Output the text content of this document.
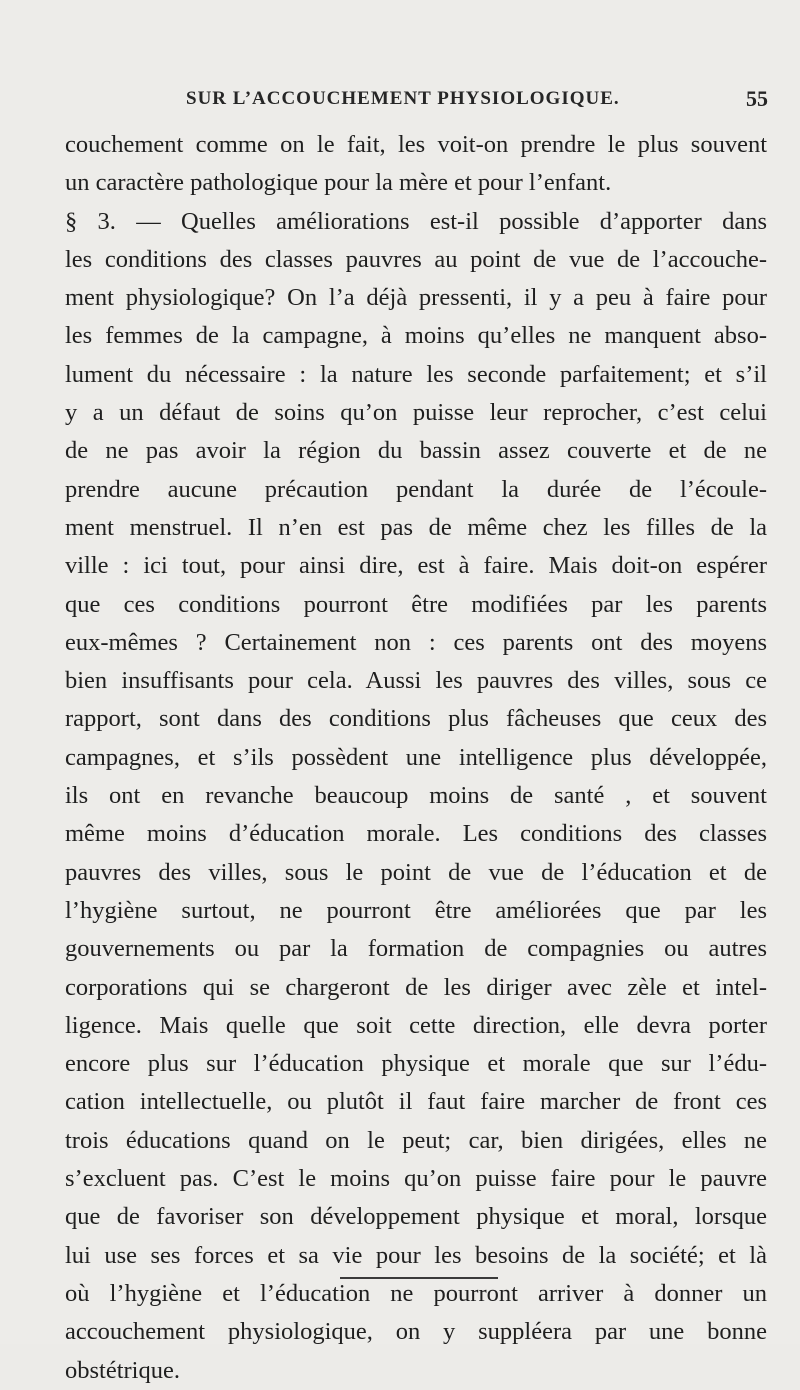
SUR L’ACCOUCHEMENT PHYSIOLOGIQUE.	55
couchement comme on le fait, les voit-on prendre le plus souvent
un caractère pathologique pour la mère et pour l’enfant.
§ 3. — Quelles améliorations est-il possible d’apporter dans
les conditions des classes pauvres au point de vue de l’accouche-
ment physiologique? On l’a déjà pressenti, il y a peu à faire pour
les femmes de la campagne, à moins qu’elles ne manquent abso-
lument du nécessaire : la nature les seconde parfaitement; et s’il
y a un défaut de soins qu’on puisse leur reprocher, c’est celui
de ne pas avoir la région du bassin assez couverte et de ne
prendre aucune précaution pendant la durée de l’écoule-
ment menstruel. Il n’en est pas de même chez les filles de la
ville : ici tout, pour ainsi dire, est à faire. Mais doit-on espérer
que ces conditions pourront être modifiées par les parents
eux-mêmes ? Certainement non : ces parents ont des moyens
bien insuffisants pour cela. Aussi les pauvres des villes, sous ce
rapport, sont dans des conditions plus fâcheuses que ceux des
campagnes, et s’ils possèdent une intelligence plus développée,
ils ont en revanche beaucoup moins de santé , et souvent
même moins d’éducation morale. Les conditions des classes
pauvres des villes, sous le point de vue de l’éducation et de
l’hygiène surtout, ne pourront être améliorées que par les
gouvernements ou par la formation de compagnies ou autres
corporations qui se chargeront de les diriger avec zèle et intel-
ligence. Mais quelle que soit cette direction, elle devra porter
encore plus sur l’éducation physique et morale que sur l’édu-
cation intellectuelle, ou plutôt il faut faire marcher de front ces
trois éducations quand on le peut; car, bien dirigées, elles ne
s’excluent pas. C’est le moins qu’on puisse faire pour le pauvre
que de favoriser son développement physique et moral, lorsque
lui use ses forces et sa vie pour les besoins de la société; et là
où l’hygiène et l’éducation ne pourront arriver à donner un
accouchement physiologique, on y suppléera par une bonne
obstétrique.
